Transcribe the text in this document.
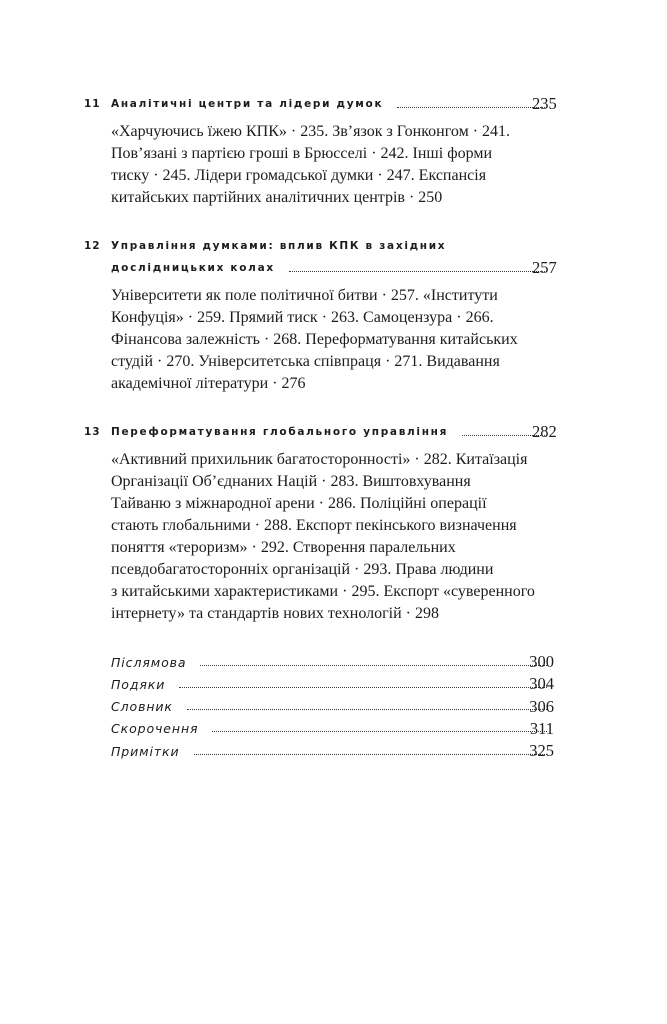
11 Аналітичні центри та лідери думок	235
«Харчуючись їжею КПК» · 235. Зв’язок з Гонконгом · 241.
Пов’язані з партією гроші в Брюсселі · 242. Інші форми
тиску · 245. Лідери громадської думки · 247. Експансія
китайських партійних аналітичних центрів · 250
12 Управління думками: вплив КПК в західних
дослідницьких колах	257
Університети як поле політичної битви · 257. «Інститути
Конфуція» · 259. Прямий тиск · 263. Самоцензура · 266.
Фінансова залежність · 268. Переформатування китайських
студій · 270. Університетська співпраця · 271. Видавання
академічної літератури · 276
13 Переформатування глобального управління	282
«Активний прихильник багатосторонності» · 282. Китаїзація
Організації Об’єднаних Націй · 283. Виштовхування
Тайваню з міжнародної арени · 286. Поліційні операції
стають глобальними · 288. Експорт пекінського визначення
поняття «тероризм» · 292. Створення паралельних
псевдобагатосторонніх організацій · 293. Права людини
з китайськими характеристиками · 295. Експорт «суверенного
інтернету» та стандартів нових технологій · 298
Післямова	300
Подяки	304
Словник	306
Скорочення	311
Примітки	325
